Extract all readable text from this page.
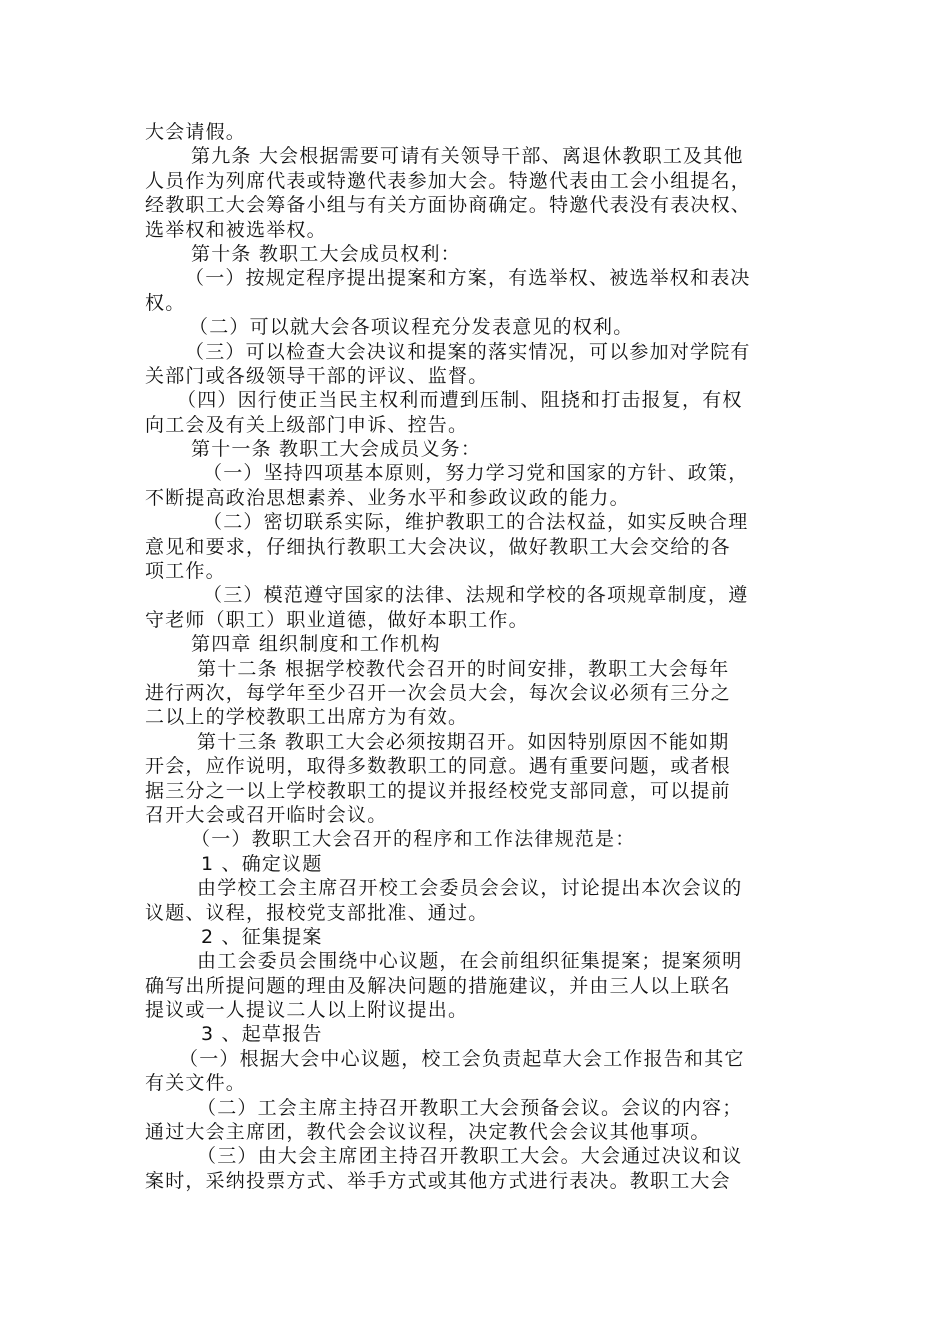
大会请假。
第九条 大会根据需要可请有关领导干部、离退休教职工及其他
人员作为列席代表或特邀代表参加大会。特邀代表由工会小组提名，
经教职工大会筹备小组与有关方面协商确定。特邀代表没有表决权、
选举权和被选举权。
第十条 教职工大会成员权利：
（一）按规定程序提出提案和方案，有选举权、被选举权和表决
权。
（二）可以就大会各项议程充分发表意见的权利。
（三）可以检查大会决议和提案的落实情况，可以参加对学院有
关部门或各级领导干部的评议、监督。
（四）因行使正当民主权利而遭到压制、阻挠和打击报复，有权
向工会及有关上级部门申诉、控告。
第十一条 教职工大会成员义务：
（一）坚持四项基本原则，努力学习党和国家的方针、政策，
不断提高政治思想素养、业务水平和参政议政的能力。
（二）密切联系实际，维护教职工的合法权益，如实反映合理
意见和要求，仔细执行教职工大会决议，做好教职工大会交给的各
项工作。
（三）模范遵守国家的法律、法规和学校的各项规章制度，遵
守老师（职工）职业道德，做好本职工作。
第四章 组织制度和工作机构
第十二条 根据学校教代会召开的时间安排，教职工大会每年
进行两次，每学年至少召开一次会员大会，每次会议必须有三分之
二以上的学校教职工出席方为有效。
第十三条 教职工大会必须按期召开。如因特别原因不能如期
开会，应作说明，取得多数教职工的同意。遇有重要问题，或者根
据三分之一以上学校教职工的提议并报经校党支部同意，可以提前
召开大会或召开临时会议。
（一）教职工大会召开的程序和工作法律规范是：
1 、确定议题
由学校工会主席召开校工会委员会会议，讨论提出本次会议的
议题、议程，报校党支部批准、通过。
2 、征集提案
由工会委员会围绕中心议题，在会前组织征集提案；提案须明
确写出所提问题的理由及解决问题的措施建议，并由三人以上联名
提议或一人提议二人以上附议提出。
3 、起草报告
（一）根据大会中心议题，校工会负责起草大会工作报告和其它
有关文件。
（二）工会主席主持召开教职工大会预备会议。会议的内容；
通过大会主席团，教代会会议议程，决定教代会会议其他事项。
（三）由大会主席团主持召开教职工大会。大会通过决议和议
案时，采纳投票方式、举手方式或其他方式进行表决。教职工大会
